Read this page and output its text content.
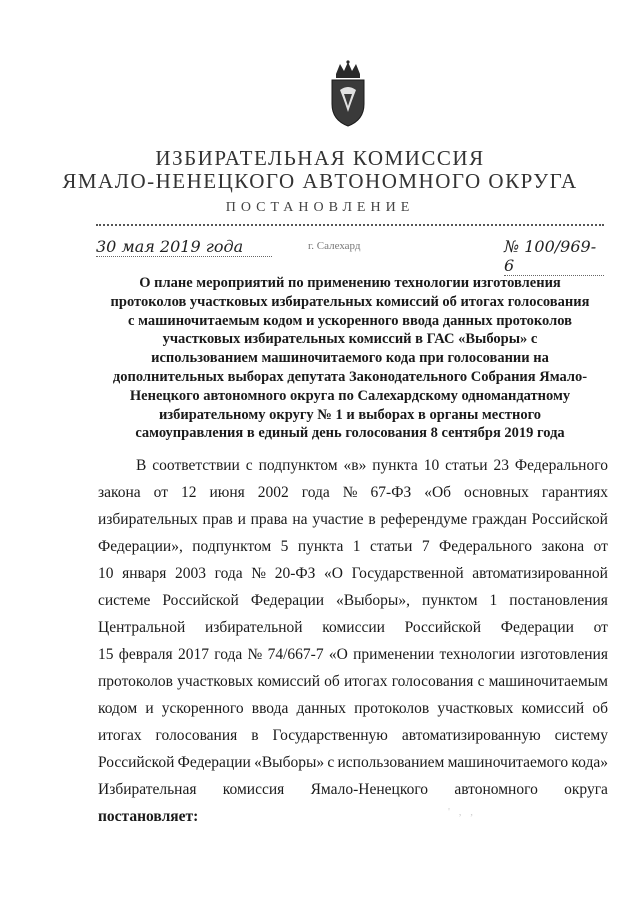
ИЗБИРАТЕЛЬНАЯ КОМИССИЯ
ЯМАЛО-НЕНЕЦКОГО АВТОНОМНОГО ОКРУГА
ПОСТАНОВЛЕНИЕ
30 мая 2019 года	г. Салехард	№ 100/969-6
О плане мероприятий по применению технологии изготовления
протоколов участковых избирательных комиссий об итогах голосования
с машиночитаемым кодом и ускоренного ввода данных протоколов
участковых избирательных комиссий в ГАС «Выборы» с
использованием машиночитаемого кода при голосовании на
дополнительных выборах депутата Законодательного Собрания Ямало-
Ненецкого автономного округа по Салехардскому одномандатному
избирательному округу № 1 и выборах в органы местного
самоуправления в единый день голосования 8 сентября 2019 года
В соответствии с подпунктом «в» пункта 10 статьи 23 Федерального
закона от 12 июня 2002 года № 67-ФЗ «Об основных гарантиях
избирательных прав и права на участие в референдуме граждан Российской
Федерации», подпунктом 5 пункта 1 статьи 7 Федерального закона от
10 января 2003 года № 20-ФЗ «О Государственной автоматизированной
системе Российской Федерации «Выборы», пунктом 1 постановления
Центральной избирательной комиссии Российской Федерации от
15 февраля 2017 года № 74/667-7 «О применении технологии изготовления
протоколов участковых комиссий об итогах голосования с машиночитаемым
кодом и ускоренного ввода данных протоколов участковых комиссий об
итогах голосования в Государственную автоматизированную систему
Российской Федерации «Выборы» с использованием машиночитаемого кода»
Избирательная комиссия Ямало-Ненецкого автономного округа
постановляет:	' , ,
